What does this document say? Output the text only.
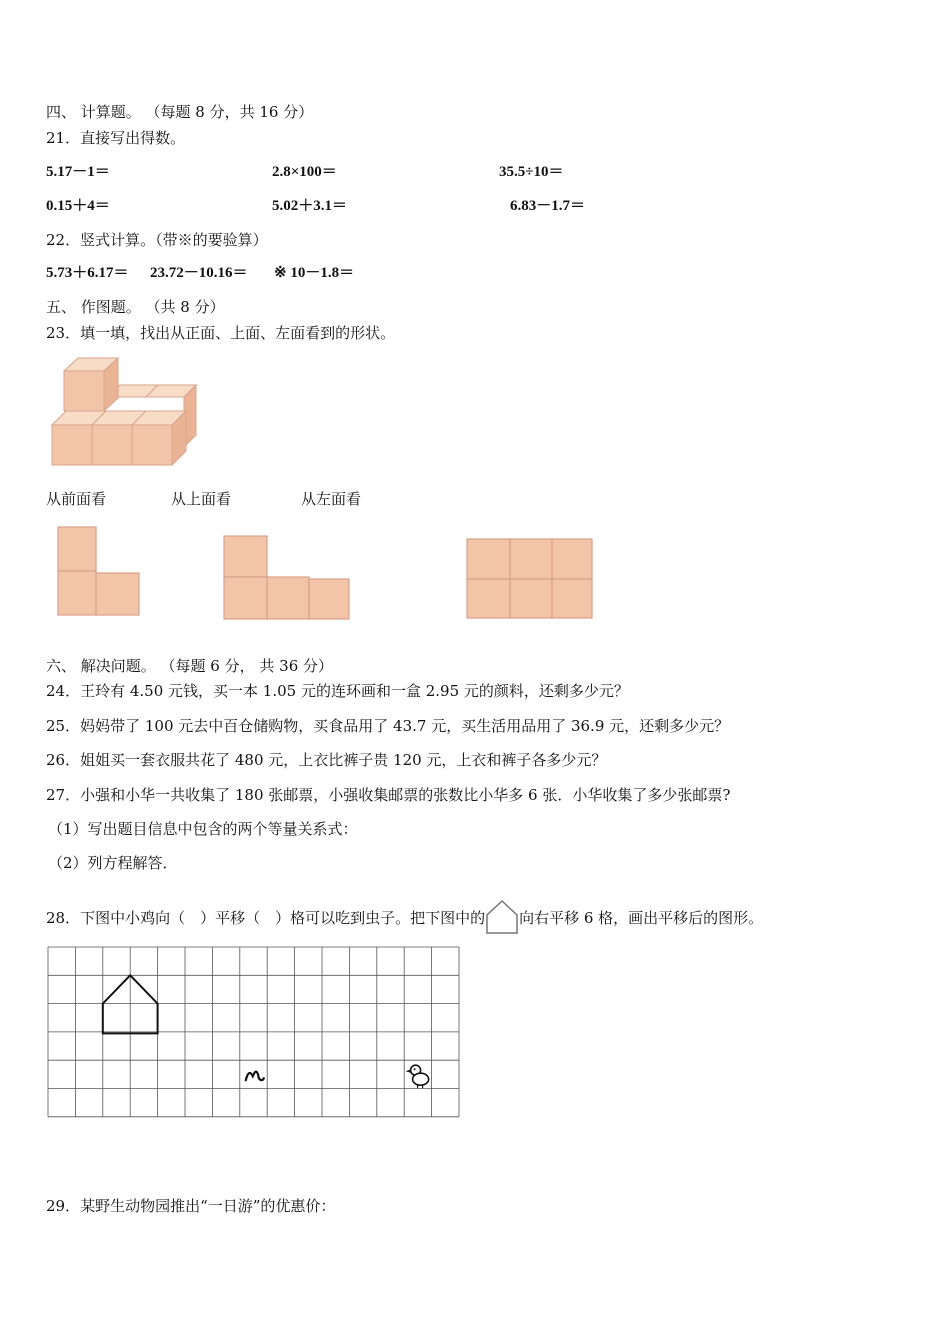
四、 计算题。 （每题 8 分，共 16 分）
21．直接写出得数。
5.17－1＝	2.8×100＝	35.5÷10＝
0.15＋4＝	5.02＋3.1＝	6.83－1.7＝
22．竖式计算。（带※的要验算）
5.73＋6.17＝ 23.72－10.16＝ ※ 10－1.8＝
五、 作图题。 （共 8 分）
23．填一填，找出从正面、上面、左面看到的形状。
从前面看	从上面看	从左面看
六、 解决问题。 （每题 6 分， 共 36 分）
24．王玲有 4.50 元钱，买一本 1.05 元的连环画和一盒 2.95 元的颜料，还剩多少元？
25．妈妈带了 100 元去中百仓储购物，买食品用了 43.7 元，买生活用品用了 36.9 元，还剩多少元？
26．姐姐买一套衣服共花了 480 元，上衣比裤子贵 120 元，上衣和裤子各多少元？
27．小强和小华一共收集了 180 张邮票，小强收集邮票的张数比小华多 6 张．小华收集了多少张邮票?
（1）写出题目信息中包含的两个等量关系式：
（2）列方程解答．
28．下图中小鸡向（　）平移（　）格可以吃到虫子。把下图中的 向右平移 6 格，画出平移后的图形。
29．某野生动物园推出“一日游”的优惠价：
